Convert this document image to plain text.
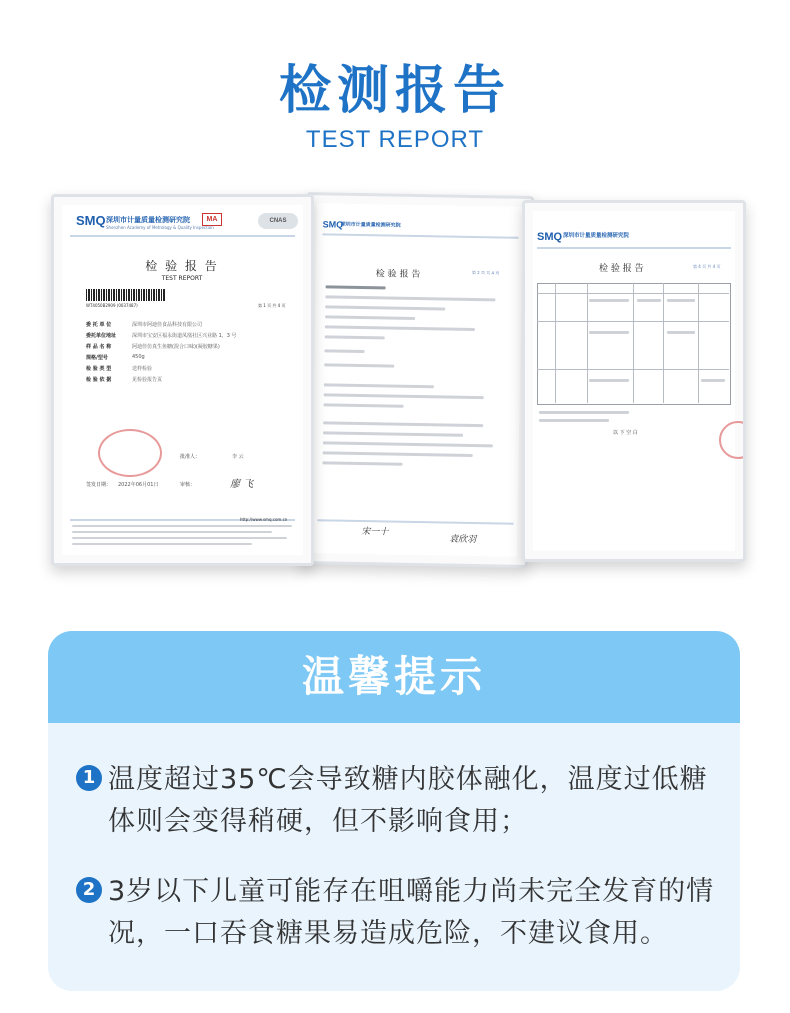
检测报告
TEST REPORT
SMQ
深圳市计量质量检测研究院
检 验 报 告	第 2 页 共 4 页
宋一十
袁欣羽
SMQ 深圳市计量质量检测研究院
检 验 报 告	第 4 页 共 4 页
以 下 空 白
SMQ 深圳市计量质量检测研究院
Shenzhen Academy of Metrology & Quality Inspection
MA	CNAS
检 验 报 告
TEST REPORT
WT4050B2909 (0037487)	第 1 页 共 4 页
委 托 单 位	深圳市阿迪佳食品科技有限公司
委托单位地址	深圳市宝安区福永街道凤凰社区兴业路 1，3 号
样 品 名 称	阿迪佳仿真生鱼糖(混合口味)(凝胶糖果)
规格/型号	450g
检 验 类 型	送样检验
检 验 依 据	见检验报告页
批准人：	李 云
审核：	廖 飞
签发日期： 2022年06月01日
http://www.smq.com.cn
温馨提示
1 温度超过35℃会导致糖内胶体融化，温度过低糖体则会变得稍硬，但不影响食用；
2 3岁以下儿童可能存在咀嚼能力尚未完全发育的情况，一口吞食糖果易造成危险，不建议食用。
